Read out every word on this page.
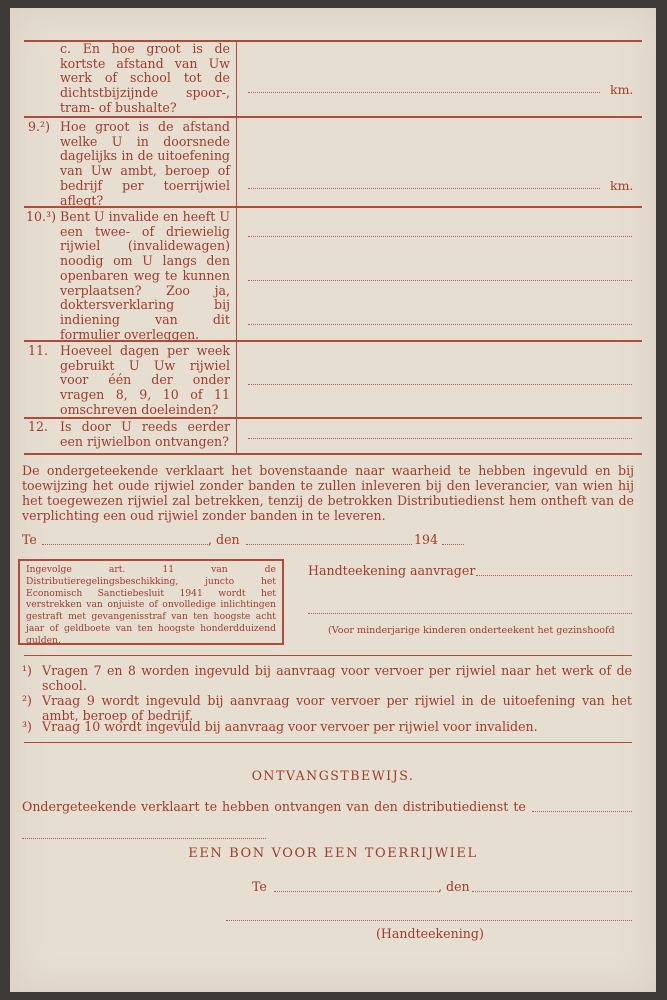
c. En hoe groot is de kortste afstand van Uw werk of school tot de dichtstbijzijnde spoor-, tram- of bushalte?
km.
9.²) Hoe groot is de afstand welke U in doorsnede dagelijks in de uitoefening van Uw ambt, beroep of bedrijf per toerrijwiel aflegt?
km.
10.³) Bent U invalide en heeft U een twee- of driewielig rijwiel (invalidewagen) noodig om U langs den openbaren weg te kunnen verplaatsen? Zoo ja, doktersverklaring bij indiening van dit formulier overleggen.
11. Hoeveel dagen per week gebruikt U Uw rijwiel voor één der onder vragen 8, 9, 10 of 11 omschreven doeleinden?
12. Is door U reeds eerder een rijwielbon ontvangen?
De ondergeteekende verklaart het bovenstaande naar waarheid te hebben ingevuld en bij toewijzing het oude rijwiel zonder banden te zullen inleveren bij den leverancier, van wien hij het toegewezen rijwiel zal betrekken, tenzij de betrokken Distributiedienst hem ontheft van de verplichting een oud rijwiel zonder banden in te leveren.
Te	, den	194
Ingevolge art. 11 van de Distributieregelingsbeschikking, juncto het Economisch Sanctiebesluit 1941 wordt het verstrekken van onjuiste of onvolledige inlichtingen gestraft met gevangenisstraf van ten hoogste acht jaar of geldboete van ten hoogste honderdduizend gulden.
Handteekening aanvrager
(Voor minderjarige kinderen onderteekent het gezinshoofd
¹) Vragen 7 en 8 worden ingevuld bij aanvraag voor vervoer per rijwiel naar het werk of de school.
²) Vraag 9 wordt ingevuld bij aanvraag voor vervoer per rijwiel in de uitoefening van het ambt, beroep of bedrijf.
³) Vraag 10 wordt ingevuld bij aanvraag voor vervoer per rijwiel voor invaliden.
ONTVANGSTBEWIJS.
Ondergeteekende verklaart te hebben ontvangen van den distributiedienst te
EEN BON VOOR EEN TOERRIJWIEL
Te	, den
(Handteekening)
